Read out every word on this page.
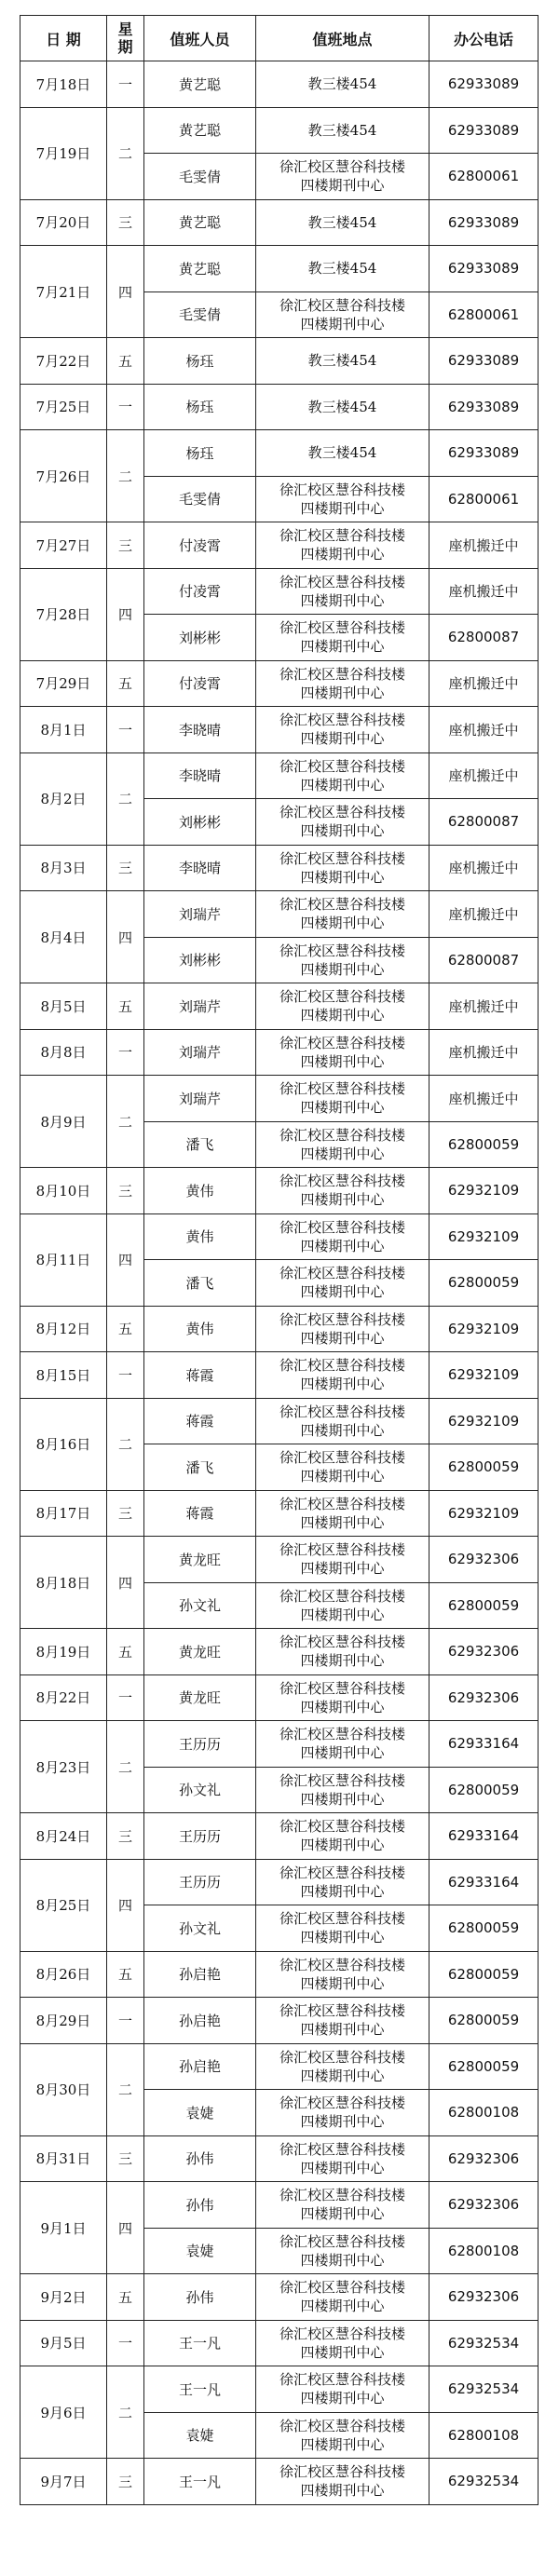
日 期	星期	值班人员	值班地点	办公电话
7月18日	一	黄艺聪	教三楼454	62933089
7月19日	二	黄艺聪	教三楼454	62933089
		毛雯倩	徐汇校区慧谷科技楼
四楼期刊中心	62800061
7月20日	三	黄艺聪	教三楼454	62933089
7月21日	四	黄艺聪	教三楼454	62933089
		毛雯倩	徐汇校区慧谷科技楼
四楼期刊中心	62800061
7月22日	五	杨珏	教三楼454	62933089
7月25日	一	杨珏	教三楼454	62933089
7月26日	二	杨珏	教三楼454	62933089
		毛雯倩	徐汇校区慧谷科技楼
四楼期刊中心	62800061
7月27日	三	付凌霄	徐汇校区慧谷科技楼
四楼期刊中心	座机搬迁中
7月28日	四	付凌霄	徐汇校区慧谷科技楼
四楼期刊中心	座机搬迁中
		刘彬彬	徐汇校区慧谷科技楼
四楼期刊中心	62800087
7月29日	五	付凌霄	徐汇校区慧谷科技楼
四楼期刊中心	座机搬迁中
8月1日	一	李晓晴	徐汇校区慧谷科技楼
四楼期刊中心	座机搬迁中
8月2日	二	李晓晴	徐汇校区慧谷科技楼
四楼期刊中心	座机搬迁中
		刘彬彬	徐汇校区慧谷科技楼
四楼期刊中心	62800087
8月3日	三	李晓晴	徐汇校区慧谷科技楼
四楼期刊中心	座机搬迁中
8月4日	四	刘瑞芹	徐汇校区慧谷科技楼
四楼期刊中心	座机搬迁中
		刘彬彬	徐汇校区慧谷科技楼
四楼期刊中心	62800087
8月5日	五	刘瑞芹	徐汇校区慧谷科技楼
四楼期刊中心	座机搬迁中
8月8日	一	刘瑞芹	徐汇校区慧谷科技楼
四楼期刊中心	座机搬迁中
8月9日	二	刘瑞芹	徐汇校区慧谷科技楼
四楼期刊中心	座机搬迁中
		潘飞	徐汇校区慧谷科技楼
四楼期刊中心	62800059
8月10日	三	黄伟	徐汇校区慧谷科技楼
四楼期刊中心	62932109
8月11日	四	黄伟	徐汇校区慧谷科技楼
四楼期刊中心	62932109
		潘飞	徐汇校区慧谷科技楼
四楼期刊中心	62800059
8月12日	五	黄伟	徐汇校区慧谷科技楼
四楼期刊中心	62932109
8月15日	一	蒋霞	徐汇校区慧谷科技楼
四楼期刊中心	62932109
8月16日	二	蒋霞	徐汇校区慧谷科技楼
四楼期刊中心	62932109
		潘飞	徐汇校区慧谷科技楼
四楼期刊中心	62800059
8月17日	三	蒋霞	徐汇校区慧谷科技楼
四楼期刊中心	62932109
8月18日	四	黄龙旺	徐汇校区慧谷科技楼
四楼期刊中心	62932306
		孙文礼	徐汇校区慧谷科技楼
四楼期刊中心	62800059
8月19日	五	黄龙旺	徐汇校区慧谷科技楼
四楼期刊中心	62932306
8月22日	一	黄龙旺	徐汇校区慧谷科技楼
四楼期刊中心	62932306
8月23日	二	王历历	徐汇校区慧谷科技楼
四楼期刊中心	62933164
		孙文礼	徐汇校区慧谷科技楼
四楼期刊中心	62800059
8月24日	三	王历历	徐汇校区慧谷科技楼
四楼期刊中心	62933164
8月25日	四	王历历	徐汇校区慧谷科技楼
四楼期刊中心	62933164
		孙文礼	徐汇校区慧谷科技楼
四楼期刊中心	62800059
8月26日	五	孙启艳	徐汇校区慧谷科技楼
四楼期刊中心	62800059
8月29日	一	孙启艳	徐汇校区慧谷科技楼
四楼期刊中心	62800059
8月30日	二	孙启艳	徐汇校区慧谷科技楼
四楼期刊中心	62800059
		袁婕	徐汇校区慧谷科技楼
四楼期刊中心	62800108
8月31日	三	孙伟	徐汇校区慧谷科技楼
四楼期刊中心	62932306
9月1日	四	孙伟	徐汇校区慧谷科技楼
四楼期刊中心	62932306
		袁婕	徐汇校区慧谷科技楼
四楼期刊中心	62800108
9月2日	五	孙伟	徐汇校区慧谷科技楼
四楼期刊中心	62932306
9月5日	一	王一凡	徐汇校区慧谷科技楼
四楼期刊中心	62932534
9月6日	二	王一凡	徐汇校区慧谷科技楼
四楼期刊中心	62932534
		袁婕	徐汇校区慧谷科技楼
四楼期刊中心	62800108
9月7日	三	王一凡	徐汇校区慧谷科技楼
四楼期刊中心	62932534
